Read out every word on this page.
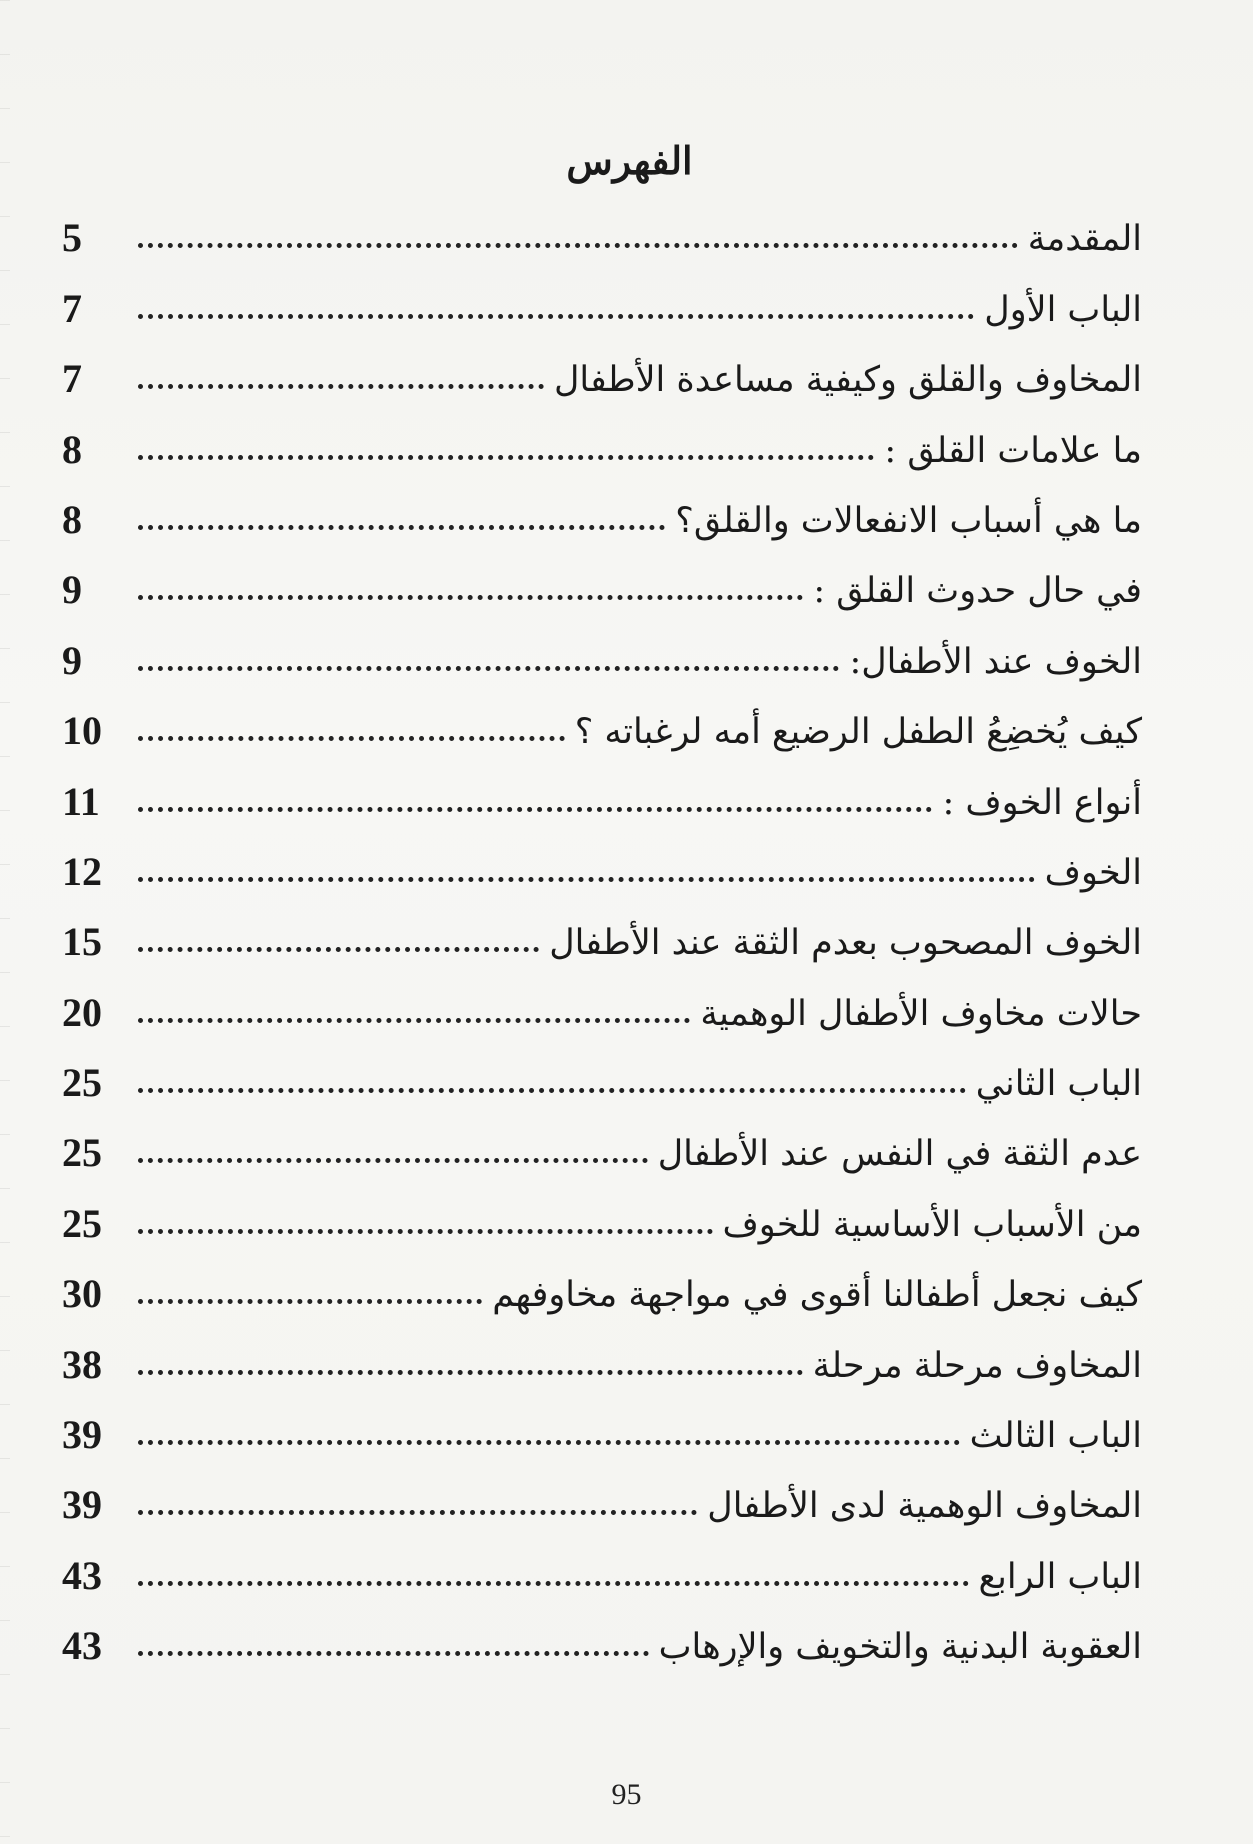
الفهرس
المقدمة
5
الباب الأول
7
المخاوف والقلق وكيفية مساعدة الأطفال
7
ما علامات القلق :
8
ما هي أسباب الانفعالات والقلق؟
8
في حال حدوث القلق :
9
الخوف عند الأطفال:
9
كيف يُخضِعُ الطفل الرضيع أمه لرغباته ؟
10
أنواع الخوف :
11
الخوف
12
الخوف المصحوب بعدم الثقة عند الأطفال
15
حالات مخاوف الأطفال الوهمية
20
الباب الثاني
25
عدم الثقة في النفس عند الأطفال
25
من الأسباب الأساسية للخوف
25
كيف نجعل أطفالنا أقوى في مواجهة مخاوفهم
30
المخاوف مرحلة مرحلة
38
الباب الثالث
39
المخاوف الوهمية لدى الأطفال
39
الباب الرابع
43
العقوبة البدنية والتخويف والإرهاب
43
95
